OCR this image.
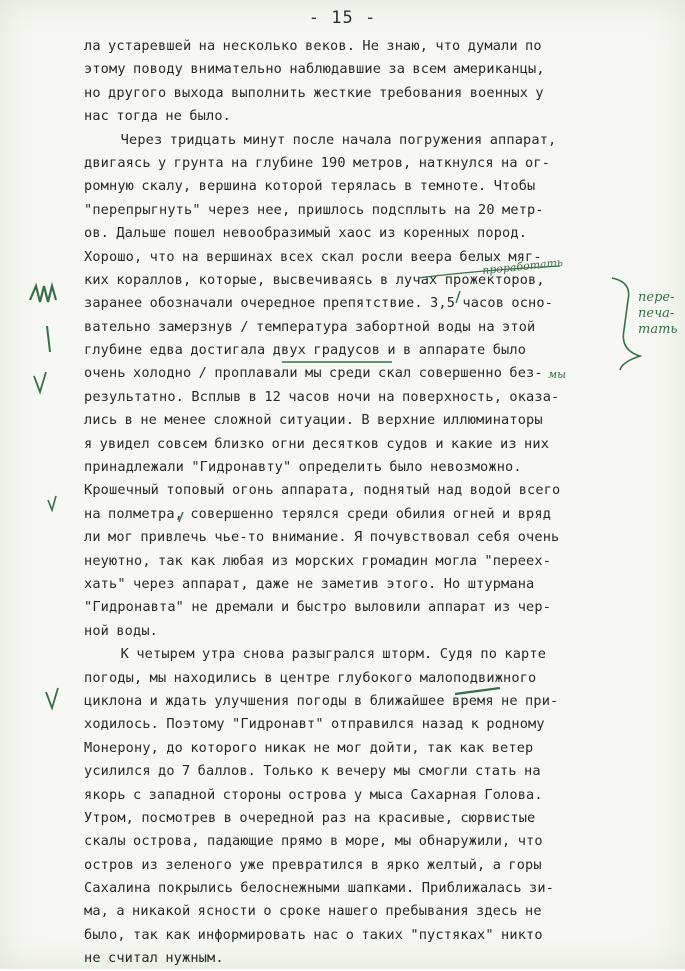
- 15 -
ла устаревшей на несколько веков. Не знаю, что думали по
этому поводу внимательно наблюдавшие за всем американцы,
но другого выхода выполнить жесткие требования военных у
нас тогда не было.
Через тридцать минут после начала погружения аппарат,
двигаясь у грунта на глубине 190 метров, наткнулся на ог-
ромную скалу, вершина которой терялась в темноте. Чтобы
"перепрыгнуть" через нее, пришлось подсплыть на 20 метр-
ов. Дальше пошел невообразимый хаос из коренных пород.
Хорошо, что на вершинах всех скал росли веера белых мяг-
ких кораллов, которые, высвечиваясь в лучах прожекторов,
заранее обозначали очередное препятствие. 3,5 часов осно-
вательно замерзнув / температура забортной воды на этой
глубине едва достигала двух градусов и в аппарате было
очень холодно / проплавали мы среди скал совершенно без-
результатно. Всплыв в 12 часов ночи на поверхность, оказа-
лись в не менее сложной ситуации. В верхние иллюминаторы
я увидел совсем близко огни десятков судов и какие из них
принадлежали "Гидронавту" определить было невозможно.
Крошечный топовый огонь аппарата, поднятый над водой всего
на полметра, совершенно терялся среди обилия огней и вряд
ли мог привлечь чье-то внимание. Я почувствовал себя очень
неуютно, так как любая из морских громадин могла "переех-
хать" через аппарат, даже не заметив этого. Но штурмана
"Гидронавта" не дремали и быстро выловили аппарат из чер-
ной воды.
К четырем утра снова разыгрался шторм. Судя по карте
погоды, мы находились в центре глубокого малоподвижного
циклона и ждать улучшения погоды в ближайшее время не при-
ходилось. Поэтому "Гидронавт" отправился назад к родному
Монерону, до которого никак не мог дойти, так как ветер
усилился до 7 баллов. Только к вечеру мы смогли стать на
якорь с западной стороны острова у мыса Сахарная Голова.
Утром, посмотрев в очередной раз на красивые, сюрвистые
скалы острова, падающие прямо в море, мы обнаружили, что
остров из зеленого уже превратился в ярко желтый, а горы
Сахалина покрылись белоснежными шапками. Приближалась зи-
ма, а никакой ясности о сроке нашего пребывания здесь не
было, так как информировать нас о таких "пустяках" никто
не считал нужным.
пере-
печа-
тать
проработать
мы
